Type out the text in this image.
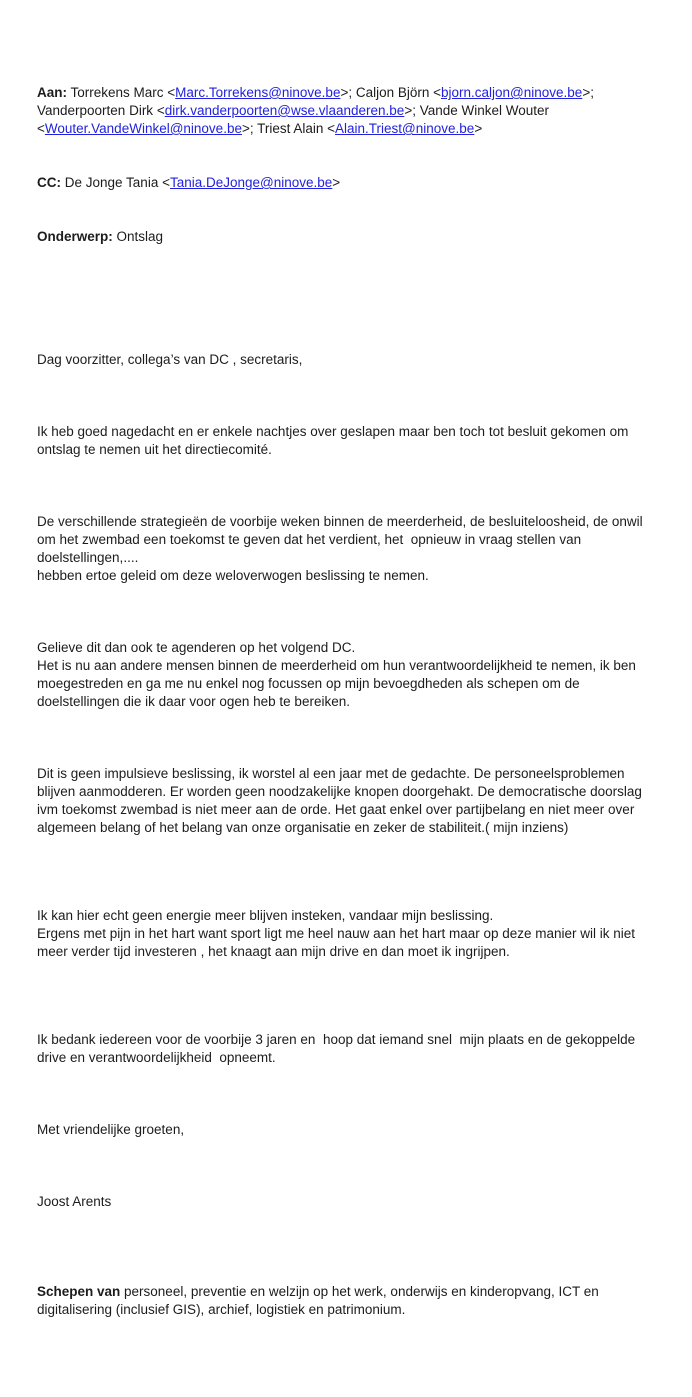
Aan: Torrekens Marc <Marc.Torrekens@ninove.be>; Caljon Björn <bjorn.caljon@ninove.be>; Vanderpoorten Dirk <dirk.vanderpoorten@wse.vlaanderen.be>; Vande Winkel Wouter <Wouter.VandeWinkel@ninove.be>; Triest Alain <Alain.Triest@ninove.be>

CC: De Jonge Tania <Tania.DeJonge@ninove.be>

Onderwerp: Ontslag

Dag voorzitter, collega’s van DC , secretaris,

Ik heb goed nagedacht en er enkele nachtjes over geslapen maar ben toch tot besluit gekomen om ontslag te nemen uit het directiecomité.

De verschillende strategieën de voorbije weken binnen de meerderheid, de besluiteloosheid, de onwil om het zwembad een toekomst te geven dat het verdient, het  opnieuw in vraag stellen van doelstellingen,....
hebben ertoe geleid om deze weloverwogen beslissing te nemen.

Gelieve dit dan ook te agenderen op het volgend DC.
Het is nu aan andere mensen binnen de meerderheid om hun verantwoordelijkheid te nemen, ik ben moegestreden en ga me nu enkel nog focussen op mijn bevoegdheden als schepen om de doelstellingen die ik daar voor ogen heb te bereiken.

Dit is geen impulsieve beslissing, ik worstel al een jaar met de gedachte. De personeelsproblemen blijven aanmodderen. Er worden geen noodzakelijke knopen doorgehakt. De democratische doorslag ivm toekomst zwembad is niet meer aan de orde. Het gaat enkel over partijbelang en niet meer over algemeen belang of het belang van onze organisatie en zeker de stabiliteit.( mijn inziens)

Ik kan hier echt geen energie meer blijven insteken, vandaar mijn beslissing.
Ergens met pijn in het hart want sport ligt me heel nauw aan het hart maar op deze manier wil ik niet meer verder tijd investeren , het knaagt aan mijn drive en dan moet ik ingrijpen.

Ik bedank iedereen voor de voorbije 3 jaren en  hoop dat iemand snel  mijn plaats en de gekoppelde drive en verantwoordelijkheid  opneemt.

Met vriendelijke groeten,

Joost Arents

Schepen van personeel, preventie en welzijn op het werk, onderwijs en kinderopvang, ICT en digitalisering (inclusief GIS), archief, logistiek en patrimonium.
